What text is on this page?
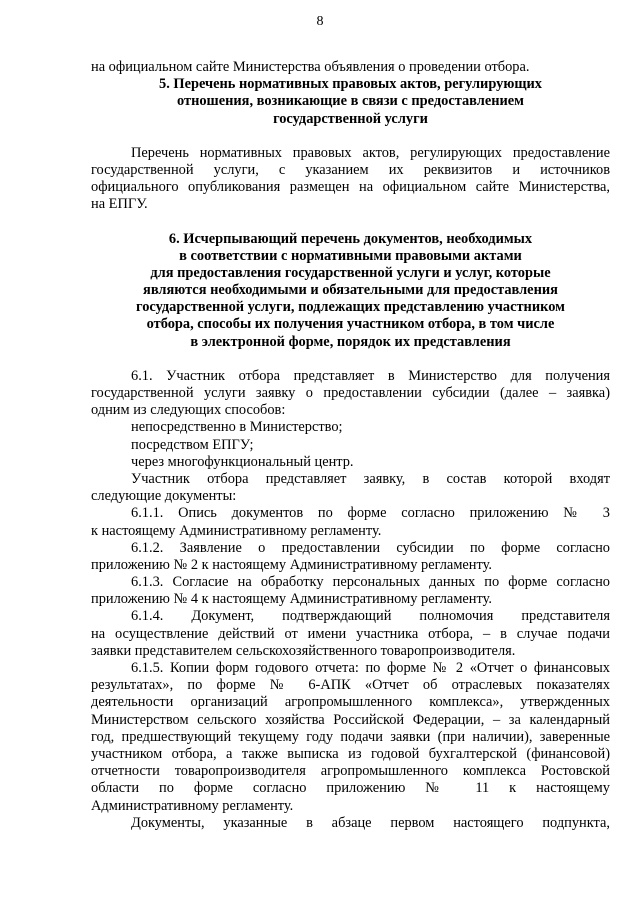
8
на официальном сайте Министерства объявления о проведении отбора.
5. Перечень нормативных правовых актов, регулирующих
отношения, возникающие в связи с предоставлением
государственной услуги
Перечень нормативных правовых актов, регулирующих предоставление
государственной услуги, с указанием их реквизитов и источников
официального опубликования размещен на официальном сайте Министерства,
на ЕПГУ.
6. Исчерпывающий перечень документов, необходимых
в соответствии с нормативными правовыми актами
для предоставления государственной услуги и услуг, которые
являются необходимыми и обязательными для предоставления
государственной услуги, подлежащих представлению участником
отбора, способы их получения участником отбора, в том числе
в электронной форме, порядок их представления
6.1. Участник отбора представляет в Министерство для получения
государственной услуги заявку о предоставлении субсидии (далее – заявка)
одним из следующих способов:
непосредственно в Министерство;
посредством ЕПГУ;
через многофункциональный центр.
Участник отбора представляет заявку, в состав которой входят
следующие документы:
6.1.1. Опись документов по форме согласно приложению № 3
к настоящему Административному регламенту.
6.1.2. Заявление о предоставлении субсидии по форме согласно
приложению № 2 к настоящему Административному регламенту.
6.1.3. Согласие на обработку персональных данных по форме согласно
приложению № 4 к настоящему Административному регламенту.
6.1.4. Документ, подтверждающий полномочия представителя
на осуществление действий от имени участника отбора, – в случае подачи
заявки представителем сельскохозяйственного товаропроизводителя.
6.1.5. Копии форм годового отчета: по форме № 2 «Отчет о финансовых
результатах», по форме № 6-АПК «Отчет об отраслевых показателях
деятельности организаций агропромышленного комплекса», утвержденных
Министерством сельского хозяйства Российской Федерации, – за календарный
год, предшествующий текущему году подачи заявки (при наличии), заверенные
участником отбора, а также выписка из годовой бухгалтерской (финансовой)
отчетности товаропроизводителя агропромышленного комплекса Ростовской
области по форме согласно приложению № 11 к настоящему
Административному регламенту.
Документы, указанные в абзаце первом настоящего подпункта,
